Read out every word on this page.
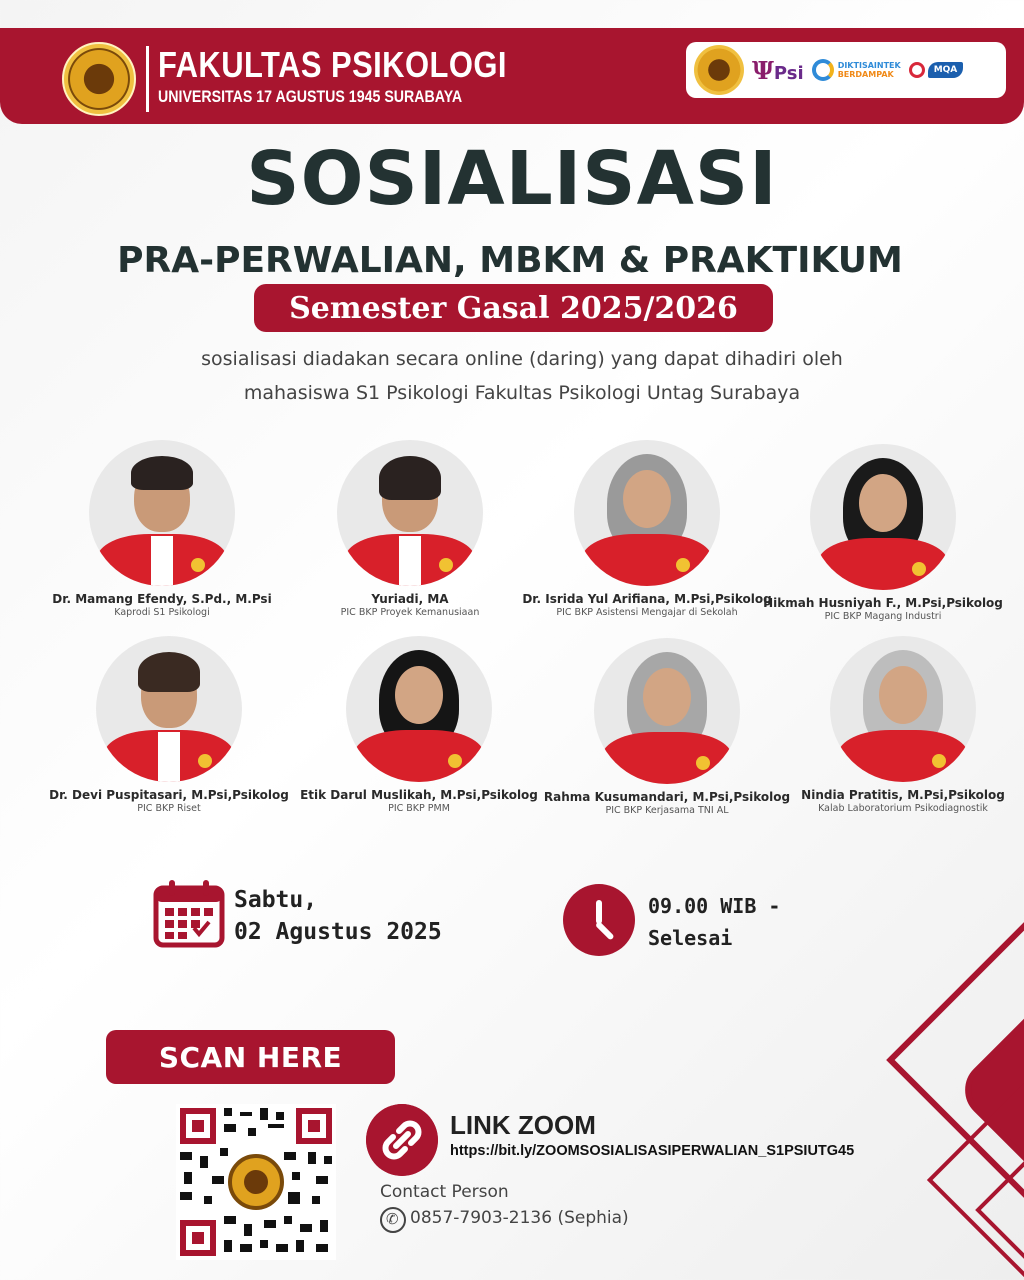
FAKULTAS PSIKOLOGI
UNIVERSITAS 17 AGUSTUS 1945 SURABAYA
Ψ Psi	DIKTISAINTEK
BERDAMPAK	MQA
SOSIALISASI
PRA-PERWALIAN, MBKM & PRAKTIKUM
Semester Gasal 2025/2026
sosialisasi diadakan secara online (daring) yang dapat dihadiri oleh
mahasiswa S1 Psikologi Fakultas Psikologi Untag Surabaya
Dr. Mamang Efendy, S.Pd., M.Psi
Kaprodi S1 Psikologi
Yuriadi, MA
PIC BKP Proyek Kemanusiaan
Dr. Isrida Yul Arifiana, M.Psi,Psikolog
PIC BKP Asistensi Mengajar di Sekolah
Hikmah Husniyah F., M.Psi,Psikolog
PIC BKP Magang Industri
Dr. Devi Puspitasari, M.Psi,Psikolog
PIC BKP Riset
Etik Darul Muslikah, M.Psi,Psikolog
PIC BKP PMM
Rahma Kusumandari, M.Psi,Psikolog
PIC BKP Kerjasama TNI AL
Nindia Pratitis, M.Psi,Psikolog
Kalab Laboratorium Psikodiagnostik
Sabtu,
02 Agustus 2025
09.00 WIB -
Selesai
SCAN HERE
LINK ZOOM
https://bit.ly/ZOOMSOSIALISASIPERWALIAN_S1PSIUTG45
Contact Person
✆
0857-7903-2136 (Sephia)
